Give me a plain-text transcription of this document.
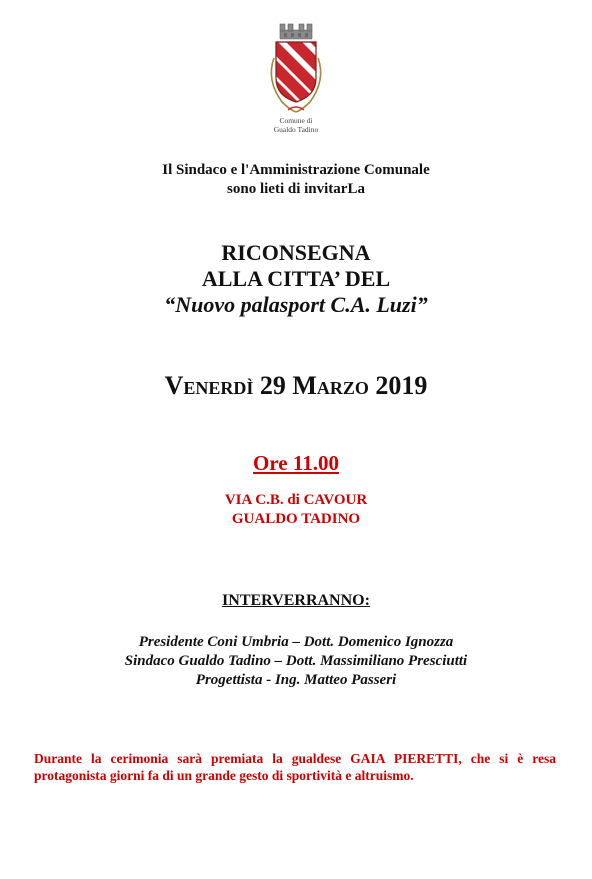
Comune di
Gualdo Tadino
Il Sindaco e l'Amministrazione Comunale
sono lieti di invitarLa
RICONSEGNA
ALLA CITTA’ DEL
“Nuovo palasport C.A. Luzi”
Venerdì 29 Marzo 2019
Ore 11.00
VIA C.B. di CAVOUR
GUALDO TADINO
INTERVERRANNO:
Presidente Coni Umbria – Dott. Domenico Ignozza
Sindaco Gualdo Tadino – Dott. Massimiliano Presciutti
Progettista - Ing. Matteo Passeri
Durante la cerimonia sarà premiata la gualdese GAIA PIERETTI, che si è resa protagonista giorni fa di un grande gesto di sportività e altruismo.
